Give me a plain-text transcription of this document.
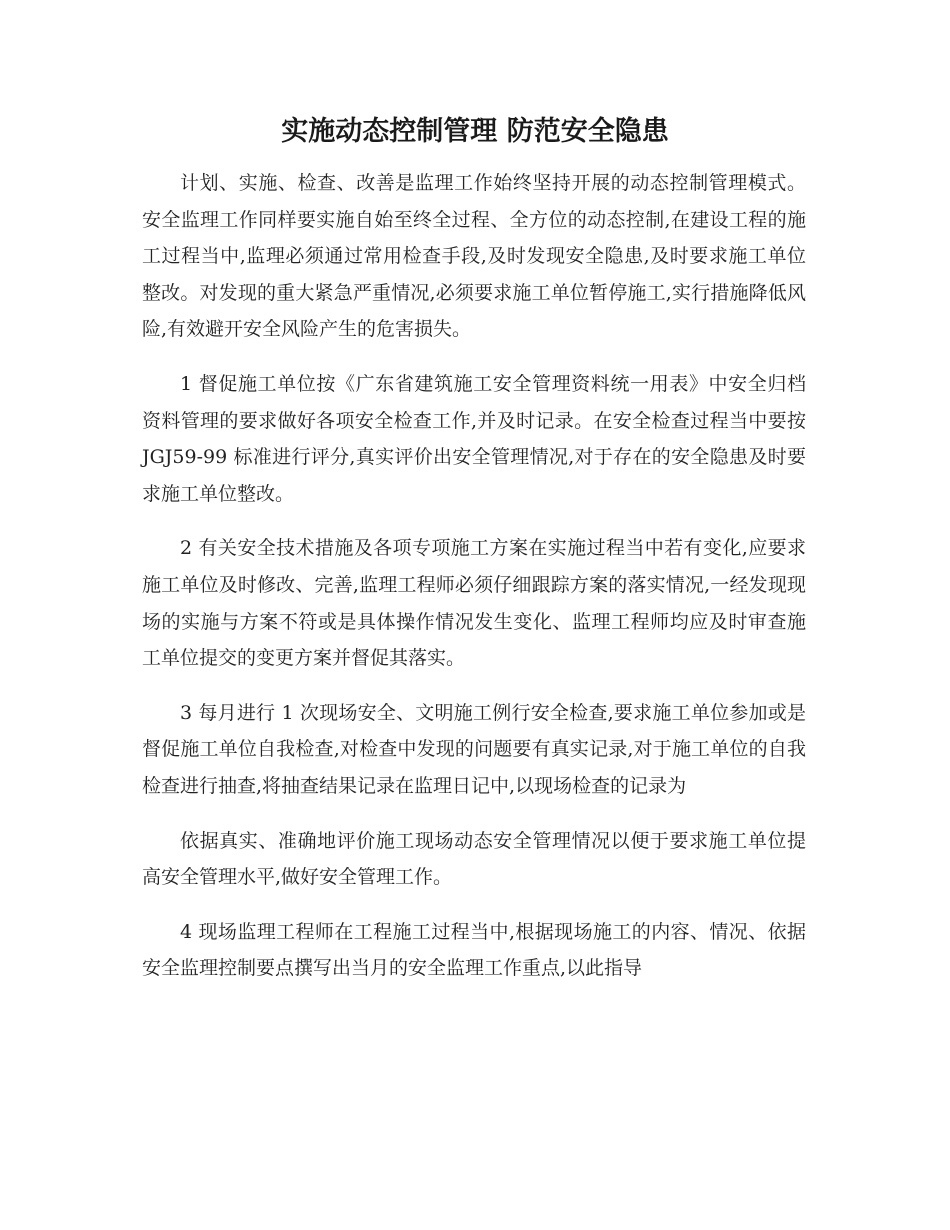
实施动态控制管理 防范安全隐患

计划、实施、检查、改善是监理工作始终坚持开展的动态控制管理模式。安全监理工作同样要实施自始至终全过程、全方位的动态控制,在建设工程的施工过程当中,监理必须通过常用检查手段,及时发现安全隐患,及时要求施工单位整改。对发现的重大紧急严重情况,必须要求施工单位暂停施工,实行措施降低风险,有效避开安全风险产生的危害损失。

1 督促施工单位按《广东省建筑施工安全管理资料统一用表》中安全归档资料管理的要求做好各项安全检查工作,并及时记录。在安全检查过程当中要按 JGJ59-99 标准进行评分,真实评价出安全管理情况,对于存在的安全隐患及时要求施工单位整改。

2 有关安全技术措施及各项专项施工方案在实施过程当中若有变化,应要求施工单位及时修改、完善,监理工程师必须仔细跟踪方案的落实情况,一经发现现场的实施与方案不符或是具体操作情况发生变化、监理工程师均应及时审查施工单位提交的变更方案并督促其落实。

3 每月进行 1 次现场安全、文明施工例行安全检查,要求施工单位参加或是督促施工单位自我检查,对检查中发现的问题要有真实记录,对于施工单位的自我检查进行抽查,将抽查结果记录在监理日记中,以现场检查的记录为

依据真实、准确地评价施工现场动态安全管理情况以便于要求施工单位提高安全管理水平,做好安全管理工作。

4 现场监理工程师在工程施工过程当中,根据现场施工的内容、情况、依据安全监理控制要点撰写出当月的安全监理工作重点,以此指导
